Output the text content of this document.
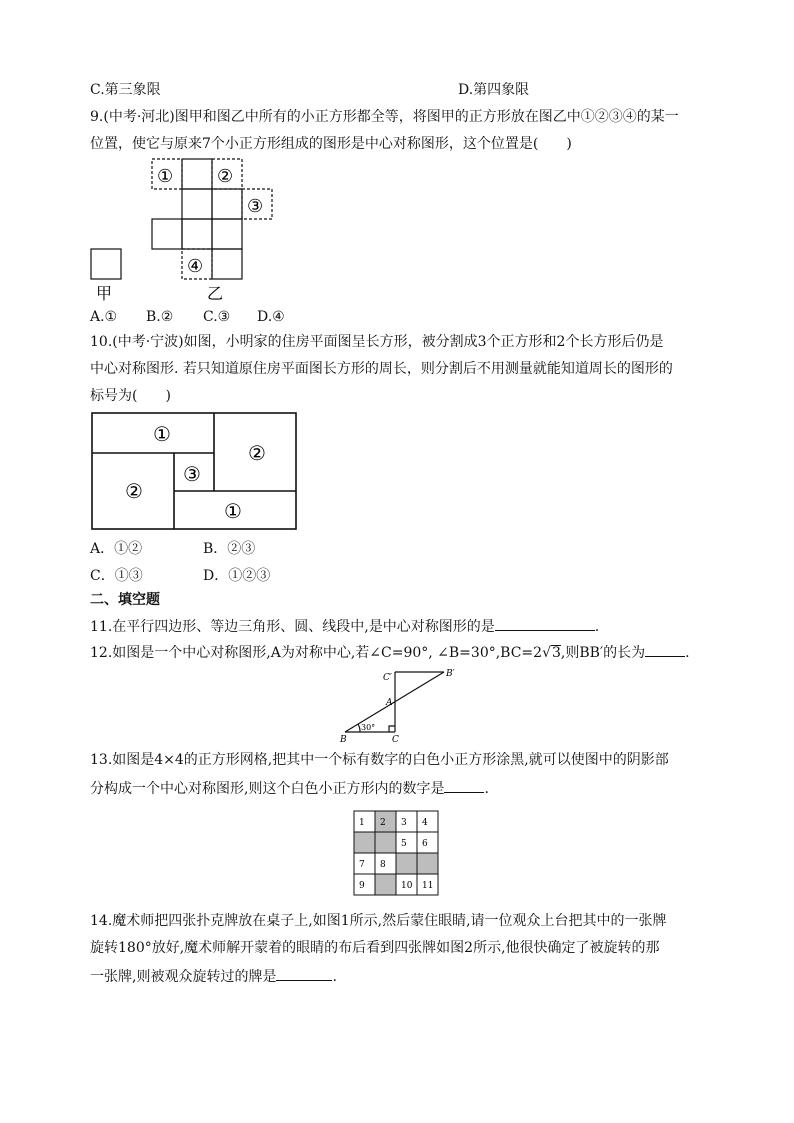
C.第三象限	D.第四象限
9.(中考·河北)图甲和图乙中所有的小正方形都全等，将图甲的正方形放在图乙中①②③④的某一
位置，使它与原来7个小正方形组成的图形是中心对称图形，这个位置是(　　)
甲
① ②
③
④
乙
A.① B.② C.③ D.④
10.(中考·宁波)如图，小明家的住房平面图呈长方形，被分割成3个正方形和2个长方形后仍是
中心对称图形. 若只知道原住房平面图长方形的周长，则分割后不用测量就能知道周长的图形的
标号为(　　)
①
②
③
②
①
A．①②	B．②③
C．①③	D．①②③
二、填空题
11.在平行四边形、等边三角形、圆、线段中,是中心对称图形的是	.
12.如图是一个中心对称图形,A为对称中心,若∠C=90°, ∠B=30°,BC=2√3,则BB′的长为	.
C′	B′
A
30°
B	C
13.如图是4×4的正方形网格,把其中一个标有数字的白色小正方形涂黑,就可以使图中的阴影部
分构成一个中心对称图形,则这个白色小正方形内的数字是	.
1 2 3 4
5 6
7 8
9	10 11
14.魔术师把四张扑克牌放在桌子上,如图1所示,然后蒙住眼睛,请一位观众上台把其中的一张牌
旋转180°放好,魔术师解开蒙着的眼睛的布后看到四张牌如图2所示,他很快确定了被旋转的那
一张牌,则被观众旋转过的牌是	.
